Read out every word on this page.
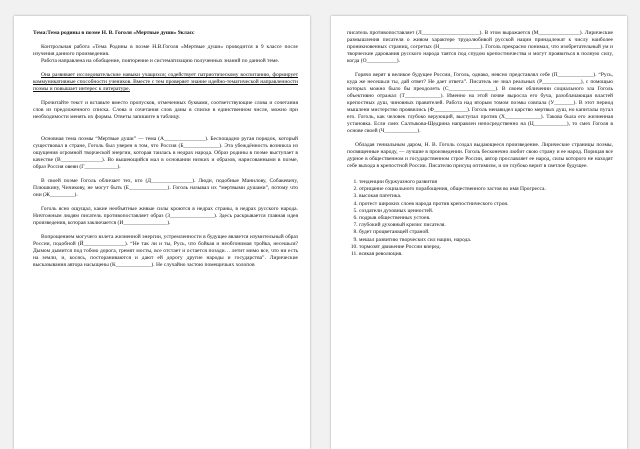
Тема:Тема родины в поэме Н. В. Гоголя «Мертвые души» 9класс

Контрольная работа «Тема Родины в поэме Н.В.Гоголя «Мертвые души» проводится в 9 классе после изучения данного произведения.

Работа направлена на обобщение, повторение и систематизацию полученных знаний по данной теме.

Она развивает исследовательские навыки учащихся; содействует патриотическому воспитанию, формирует коммуникативные способности учеников. Вместе с тем проверяет знание идейно-тематической направленности поэмы и повышает интерес к литературе.

Прочитайте текст и вставьте вместо пропусков, отмеченных буквами, соответствующие слова и сочетания слов из предложенного списка. Слова и сочетания слов даны в списке в единственном числе, можно при необходимости менять их формы. Ответы запишите в таблицу.

Основная тема поэмы “Мертвые души” — тема (А_______________). Беспощадно ругая порядок, который существовал в стране, Гоголь был уверен в том, что Россия (Б_____________). Эта убеждённость возникла из ощущения огромной творческой энергии, которая таилась в недрах народа. Образ родины в поэме выступает в качестве (В_______________). Во вышеющийся мал в основании низких и образов, нарисованными в поэме, образ Россия овеян (Г____________).

В своей поэме Гоголь обличает тех, кто (Д_______________). Люди, подобные Манилову, Собакевичу, Плюшкину, Чичикову, не могут быть (Е______________). Гоголь называл их “мертвыми душами”, потому что они (Ж_________).

Гоголь ясно ощущал, какие необъятные живые силы кроются в недрах страны, в недрах русского народа. Ничтожным людям писатель противопоставляет образ (З________________). Здесь раскрывается главная идея произведения, которая заключается (И________________).

Вопрощением могучего взлета жизненной энергии, устремленности в будущее является изумительный образ России, подобной (Й_______________). “Не так ли и ты, Русь, что бойкая и необгонимая тройка, несешься? Дымом дымится под тобою дорога, гремят мосты, все отстает и остается позади… летит мимо все, что ни есть на земли, и, косясь, постораниваются и дают ей дорогу другие народы и государства”. Лирические высказывания автора насыщены (К_____________). Не случайно застою помещичьих холопов

писатель противопоставляет (Л_____________________). В этом выражается (М_______________). Лирические размышления писателя о живом характере трудолюбивой русской нации принадлежат к числу наиболее проникновенных страниц, согретых (Н_______________). Гоголь прекрасно понимал, что изобретательный ум и творческие дарования русского народа таятся под спудом крепостничества и могут проявиться в полную силу, когда (О___________).

Горячо верят в великое будущее России, Гоголь, однако, неясно представлял себе (П_____________). “Русь, куда же несешься ты, дай ответ? Не дает ответа”. Писатель не знал реальных (Р______________), с помощью которых можно было бы преодолеть (С_________________). В своем обличении социального зла Гоголь объективно отражал (Т_____________). Именно на этой почве выросла его буча, разоблачающая властей крепостных душ, чиновных правителей. Работа над вторым томом поэмы совпала (У_______). В этот период мышлени мистерство проявились (Ф____________). Гоголь ненавидел царство мертвых душ, но капиталы пугал его. Гоголь, как человек глубоко верующий, выступал против (Х_____________). Такова была его жизненная установка. Если смех Салтыкова-Щедрина направлен непосредственно на (Ц____________), то смех Гоголя в основе своей (Ч____________).

Обладая гениальным даром, Н. В. Гоголь создал выдающееся произведение. Лирические страницы поэмы, посвященные народу, — лучшие в произведении. Гоголь бесконечно любит свою страну и ее народ. Порицая все дурное в общественном и государственном строе России, автор прославляет ее народ, силы которого не находят себе выхода в крепостной России. Писателю присущ оптимизм, и он глубоко верит в светлое будущее.

1. тенденции буржуазного развития
2. отрицание социального порабощения, общественного застоя во имя Прогресса.
3. высокая патетика.
4. протест широких слоев народа против крепостнического строя.
5. создатели духовных ценностей.
6. подрыв общественных устоев.
7. глубокий духовный кризис писателя.
8. будет процветающей страной.
9. мешал развитию творческих сил нации, народа.
10. тормозят движение России вперед.
11. всякая революция.
